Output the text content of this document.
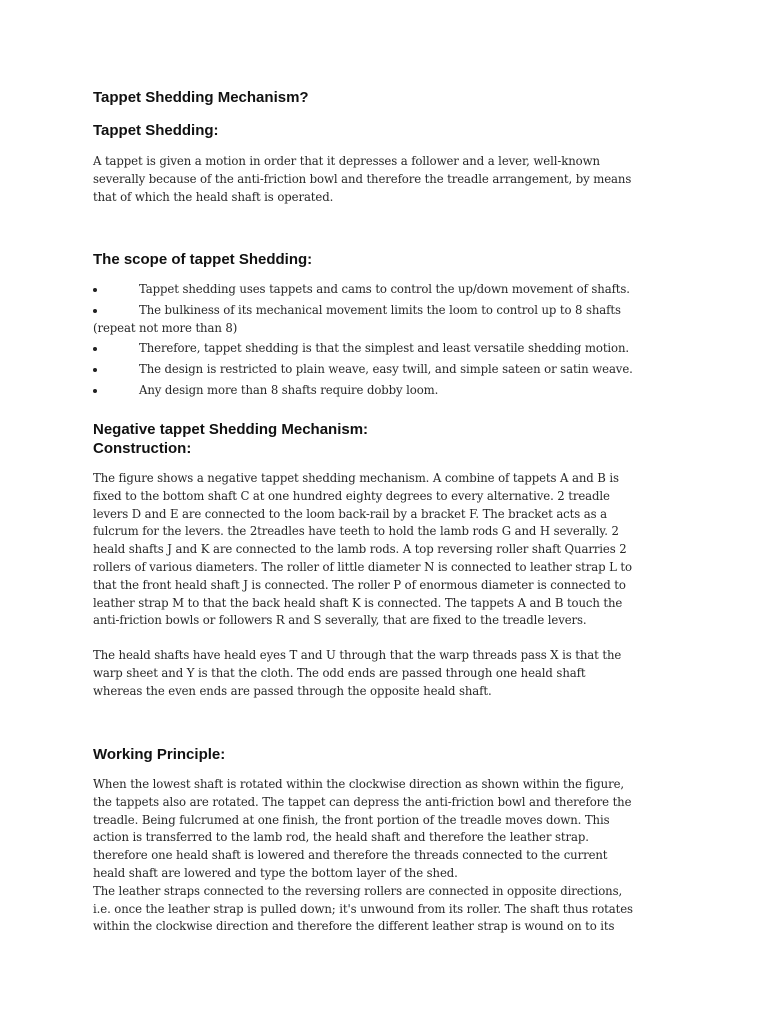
Tappet Shedding Mechanism?
Tappet Shedding:
A tappet is given a motion in order that it depresses a follower and a lever, well-known
severally because of the anti-friction bowl and therefore the treadle arrangement, by means
that of which the heald shaft is operated.
The scope of tappet Shedding:
Tappet shedding uses tappets and cams to control the up/down movement of shafts.
The bulkiness of its mechanical movement limits the loom to control up to 8 shafts
(repeat not more than 8)
Therefore, tappet shedding is that the simplest and least versatile shedding motion.
The design is restricted to plain weave, easy twill, and simple sateen or satin weave.
Any design more than 8 shafts require dobby loom.
Negative tappet Shedding Mechanism:
Construction:
The figure shows a negative tappet shedding mechanism. A combine of tappets A and B is
fixed to the bottom shaft C at one hundred eighty degrees to every alternative. 2 treadle
levers D and E are connected to the loom back-rail by a bracket F. The bracket acts as a
fulcrum for the levers. the 2treadles have teeth to hold the lamb rods G and H severally. 2
heald shafts J and K are connected to the lamb rods. A top reversing roller shaft Quarries 2
rollers of various diameters. The roller of little diameter N is connected to leather strap L to
that the front heald shaft J is connected. The roller P of enormous diameter is connected to
leather strap M to that the back heald shaft K is connected. The tappets A and B touch the
anti-friction bowls or followers R and S severally, that are fixed to the treadle levers.
The heald shafts have heald eyes T and U through that the warp threads pass X is that the
warp sheet and Y is that the cloth. The odd ends are passed through one heald shaft
whereas the even ends are passed through the opposite heald shaft.
Working Principle:
When the lowest shaft is rotated within the clockwise direction as shown within the figure,
the tappets also are rotated. The tappet can depress the anti-friction bowl and therefore the
treadle. Being fulcrumed at one finish, the front portion of the treadle moves down. This
action is transferred to the lamb rod, the heald shaft and therefore the leather strap.
therefore one heald shaft is lowered and therefore the threads connected to the current
heald shaft are lowered and type the bottom layer of the shed.
The leather straps connected to the reversing rollers are connected in opposite directions,
i.e. once the leather strap is pulled down; it's unwound from its roller. The shaft thus rotates
within the clockwise direction and therefore the different leather strap is wound on to its
